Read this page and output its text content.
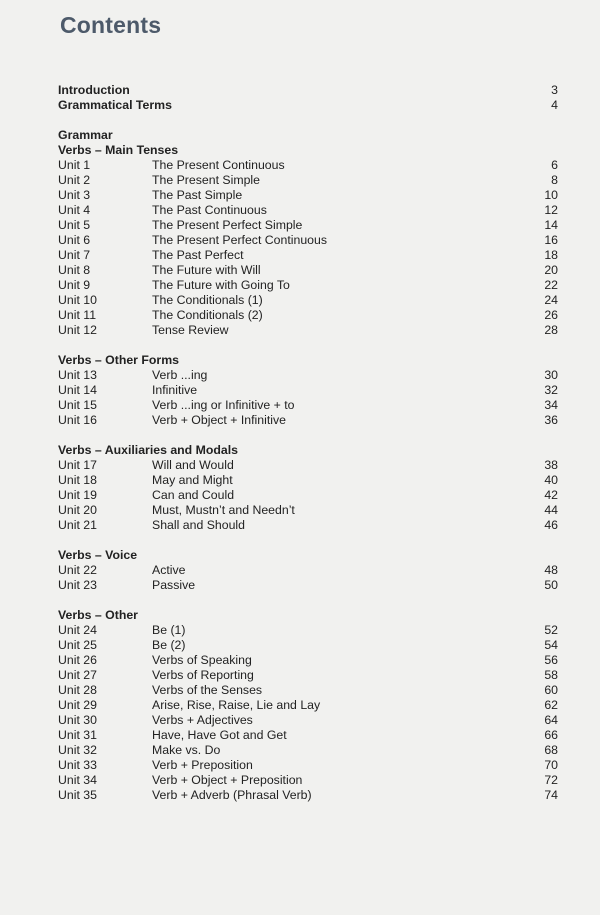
Contents
Introduction	3
Grammatical Terms	4
Grammar
Verbs – Main Tenses
Unit 1	The Present Continuous	6
Unit 2	The Present Simple	8
Unit 3	The Past Simple	10
Unit 4	The Past Continuous	12
Unit 5	The Present Perfect Simple	14
Unit 6	The Present Perfect Continuous	16
Unit 7	The Past Perfect	18
Unit 8	The Future with Will	20
Unit 9	The Future with Going To	22
Unit 10	The Conditionals (1)	24
Unit 11	The Conditionals (2)	26
Unit 12	Tense Review	28
Verbs – Other Forms
Unit 13	Verb ...ing	30
Unit 14	Infinitive	32
Unit 15	Verb ...ing or Infinitive + to	34
Unit 16	Verb + Object + Infinitive	36
Verbs – Auxiliaries and Modals
Unit 17	Will and Would	38
Unit 18	May and Might	40
Unit 19	Can and Could	42
Unit 20	Must, Mustn’t and Needn’t	44
Unit 21	Shall and Should	46
Verbs – Voice
Unit 22	Active	48
Unit 23	Passive	50
Verbs – Other
Unit 24	Be (1)	52
Unit 25	Be (2)	54
Unit 26	Verbs of Speaking	56
Unit 27	Verbs of Reporting	58
Unit 28	Verbs of the Senses	60
Unit 29	Arise, Rise, Raise, Lie and Lay	62
Unit 30	Verbs + Adjectives	64
Unit 31	Have, Have Got and Get	66
Unit 32	Make vs. Do	68
Unit 33	Verb + Preposition	70
Unit 34	Verb + Object + Preposition	72
Unit 35	Verb + Adverb (Phrasal Verb)	74
